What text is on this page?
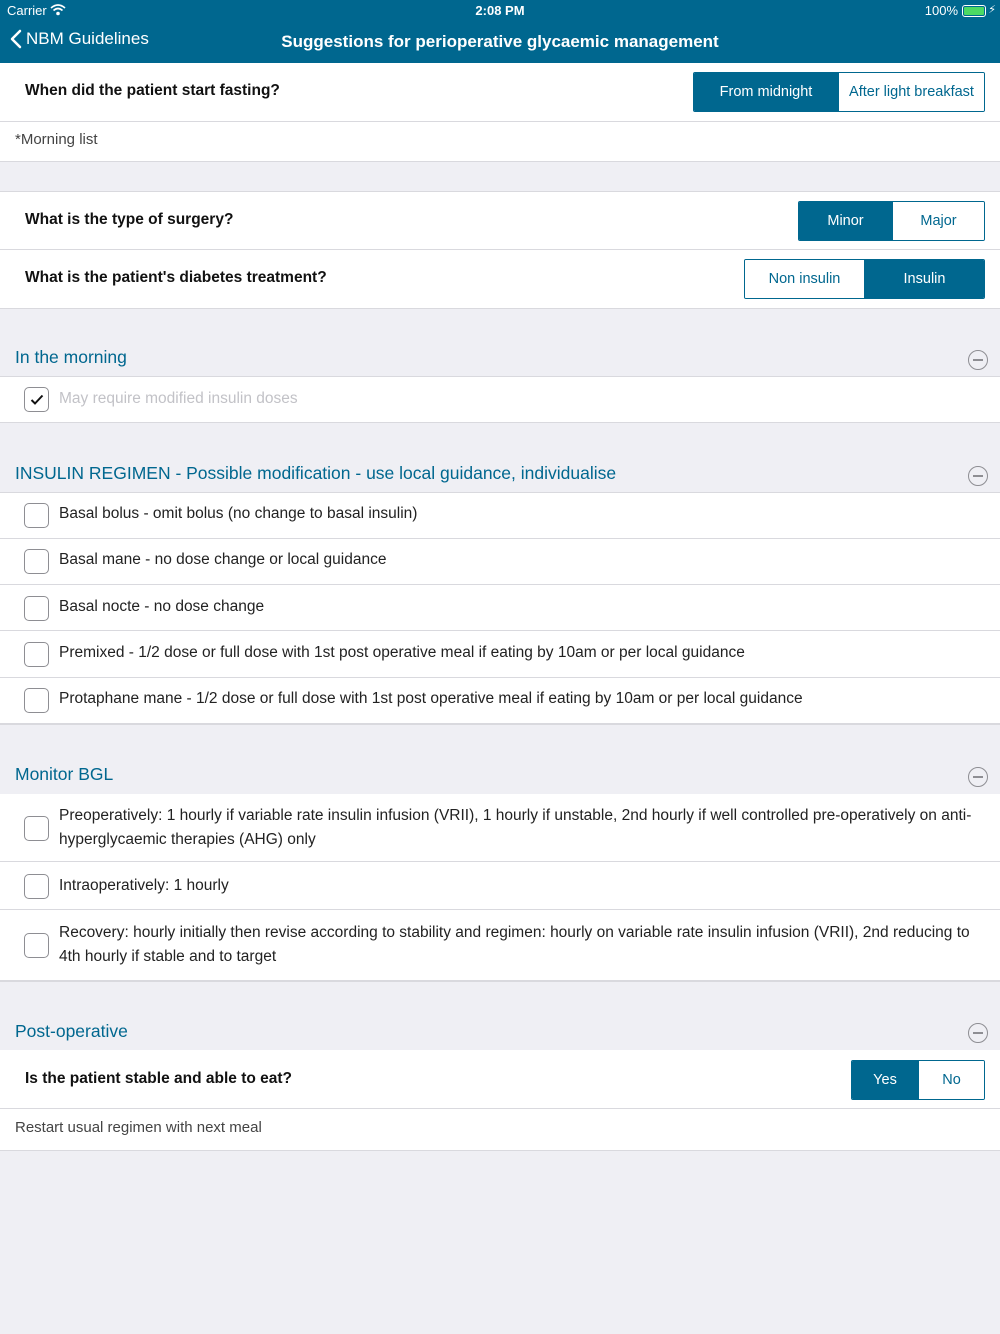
Carrier	2:08 PM	100%	⚡
NBM Guidelines	Suggestions for perioperative glycaemic management
When did the patient start fasting?	From midnight	After light breakfast
*Morning list
What is the type of surgery?	Minor	Major
What is the patient's diabetes treatment?	Non insulin	Insulin
In the morning
May require modified insulin doses
INSULIN REGIMEN - Possible modification - use local guidance, individualise
Basal bolus - omit bolus (no change to basal insulin)
Basal mane - no dose change or local guidance
Basal nocte - no dose change
Premixed - 1/2 dose or full dose with 1st post operative meal if eating by 10am or per local guidance
Protaphane mane - 1/2 dose or full dose with 1st post operative meal if eating by 10am or per local guidance
Monitor BGL
Preoperatively: 1 hourly if variable rate insulin infusion (VRII), 1 hourly if unstable, 2nd hourly if well controlled pre-operatively on anti-hyperglycaemic therapies (AHG) only
Intraoperatively: 1 hourly
Recovery: hourly initially then revise according to stability and regimen: hourly on variable rate insulin infusion (VRII), 2nd reducing to 4th hourly if stable and to target
Post-operative
Is the patient stable and able to eat?	Yes	No
Restart usual regimen with next meal
